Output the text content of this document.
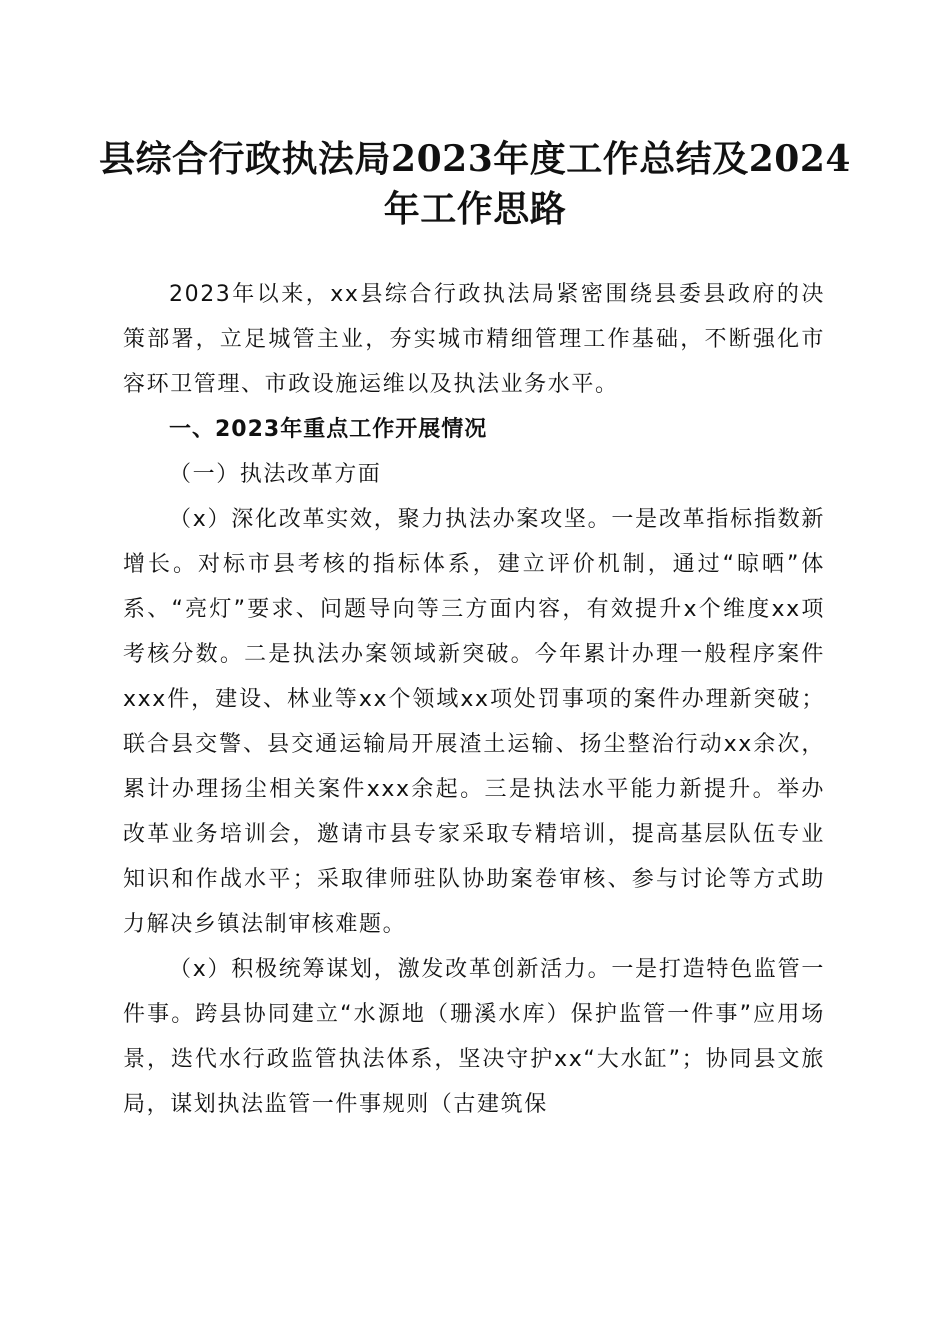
县综合行政执法局2023年度工作总结及2024年工作思路

2023年以来，xx县综合行政执法局紧密围绕县委县政府的决策部署，立足城管主业，夯实城市精细管理工作基础，不断强化市容环卫管理、市政设施运维以及执法业务水平。

一、2023年重点工作开展情况

（一）执法改革方面

（x）深化改革实效，聚力执法办案攻坚。一是改革指标指数新增长。对标市县考核的指标体系，建立评价机制，通过“晾晒”体系、“亮灯”要求、问题导向等三方面内容，有效提升x个维度xx项考核分数。二是执法办案领域新突破。今年累计办理一般程序案件xxx件，建设、林业等xx个领域xx项处罚事项的案件办理新突破；联合县交警、县交通运输局开展渣土运输、扬尘整治行动xx余次，累计办理扬尘相关案件xxx余起。三是执法水平能力新提升。举办改革业务培训会，邀请市县专家采取专精培训，提高基层队伍专业知识和作战水平；采取律师驻队协助案卷审核、参与讨论等方式助力解决乡镇法制审核难题。

（x）积极统筹谋划，激发改革创新活力。一是打造特色监管一件事。跨县协同建立“水源地（珊溪水库）保护监管一件事”应用场景，迭代水行政监管执法体系，坚决守护xx“大水缸”；协同县文旅局，谋划执法监管一件事规则（古建筑保
